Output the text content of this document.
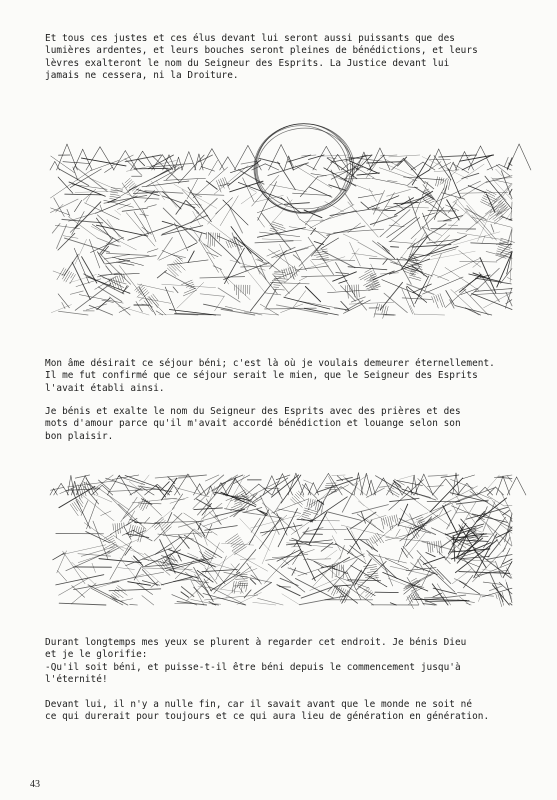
Et tous ces justes et ces élus devant lui seront aussi puissants que des
lumières ardentes, et leurs bouches seront pleines de bénédictions, et leurs
lèvres exalteront le nom du Seigneur des Esprits. La Justice devant lui
jamais ne cessera, ni la Droiture.
Mon âme désirait ce séjour béni; c'est là où je voulais demeurer éternellement.
Il me fut confirmé que ce séjour serait le mien, que le Seigneur des Esprits
l'avait établi ainsi.
Je bénis et exalte le nom du Seigneur des Esprits avec des prières et des
mots d'amour parce qu'il m'avait accordé bénédiction et louange selon son
bon plaisir.
Durant longtemps mes yeux se plurent à regarder cet endroit. Je bénis Dieu
et je le glorifie:
-Qu'il soit béni, et puisse-t-il être béni depuis le commencement jusqu'à
l'éternité!
Devant lui, il n'y a nulle fin, car il savait avant que le monde ne soit né
ce qui durerait pour toujours et ce qui aura lieu de génération en génération.
43
